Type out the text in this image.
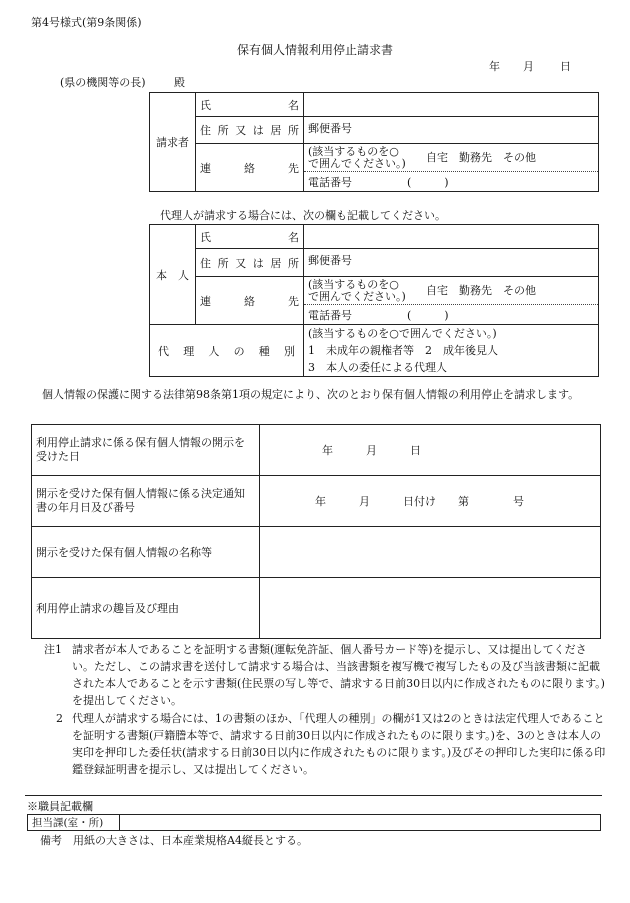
第4号様式(第9条関係)
保有個人情報利用停止請求書
年 月 日
(県の機関等の長)	殿
請求者	氏　　　　名	
	住所又は居所	郵便番号
	連　　絡　　先	(該当するものを○
で囲んでください。) 自宅　勤務先　その他

		電話番号　　　　　(　　　)
代理人が請求する場合には、次の欄も記載してください。
本　人	氏　　　　名	
	住所又は居所	郵便番号
	連　　絡　　先	(該当するものを○
で囲んでください。) 自宅　勤務先　その他

		電話番号　　　　　(　　　)
代理人の種別		(該当するものを○で囲んでください。)
1　未成年の親権者等　2　成年後見人
3　本人の委任による代理人
　個人情報の保護に関する法律第98条第1項の規定により、次のとおり保有個人情報の利用停止を請求します。
利用停止請求に係る保有個人情報の開示を受けた日	年　　　月　　　日
開示を受けた保有個人情報に係る決定通知書の年月日及び番号	年　　　月　　　日付け　　第　　　　号
開示を受けた保有個人情報の名称等	
利用停止請求の趣旨及び理由	
注1 請求者が本人であることを証明する書類(運転免許証、個人番号カード等)を提示し、又は提出してください。ただし、この請求書を送付して請求する場合は、当該書類を複写機で複写したもの及び当該書類に記載された本人であることを示す書類(住民票の写し等で、請求する日前30日以内に作成されたものに限ります。)を提出してください。
2 代理人が請求する場合には、1の書類のほか、「代理人の種別」の欄が1又は2のときは法定代理人であることを証明する書類(戸籍謄本等で、請求する日前30日以内に作成されたものに限ります。)を、3のときは本人の実印を押印した委任状(請求する日前30日以内に作成されたものに限ります。)及びその押印した実印に係る印鑑登録証明書を提示し、又は提出してください。
※職員記載欄
担当課(室・所)	
備考　用紙の大きさは、日本産業規格A4縦長とする。
